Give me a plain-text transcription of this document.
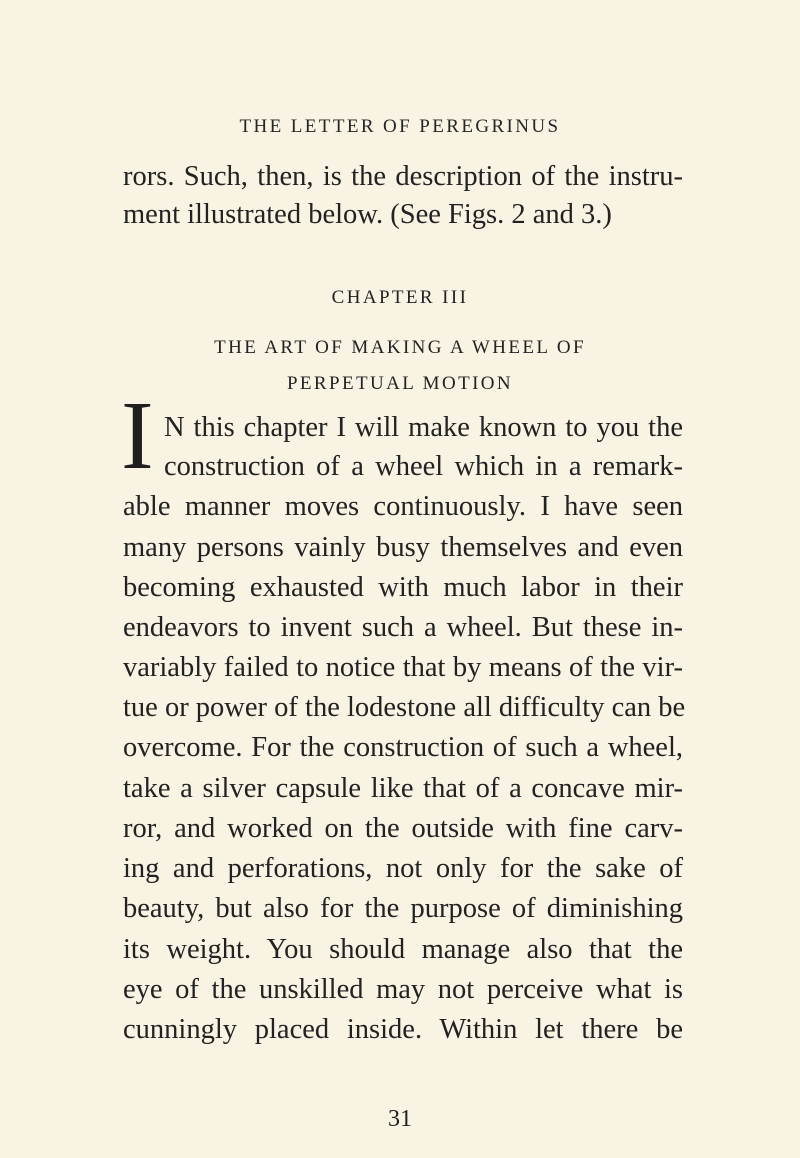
THE LETTER OF PEREGRINUS
rors. Such, then, is the description of the instru-
ment illustrated below. (See Figs. 2 and 3.)
CHAPTER III
THE ART OF MAKING A WHEEL OF
PERPETUAL MOTION
I N this chapter I will make known to you the
construction of a wheel which in a remark-
able manner moves continuously. I have seen
many persons vainly busy themselves and even
becoming exhausted with much labor in their
endeavors to invent such a wheel. But these in-
variably failed to notice that by means of the vir-
tue or power of the lodestone all difficulty can be
overcome. For the construction of such a wheel,
take a silver capsule like that of a concave mir-
ror, and worked on the outside with fine carv-
ing and perforations, not only for the sake of
beauty, but also for the purpose of diminishing
its weight. You should manage also that the
eye of the unskilled may not perceive what is
cunningly placed inside. Within let there be
31
